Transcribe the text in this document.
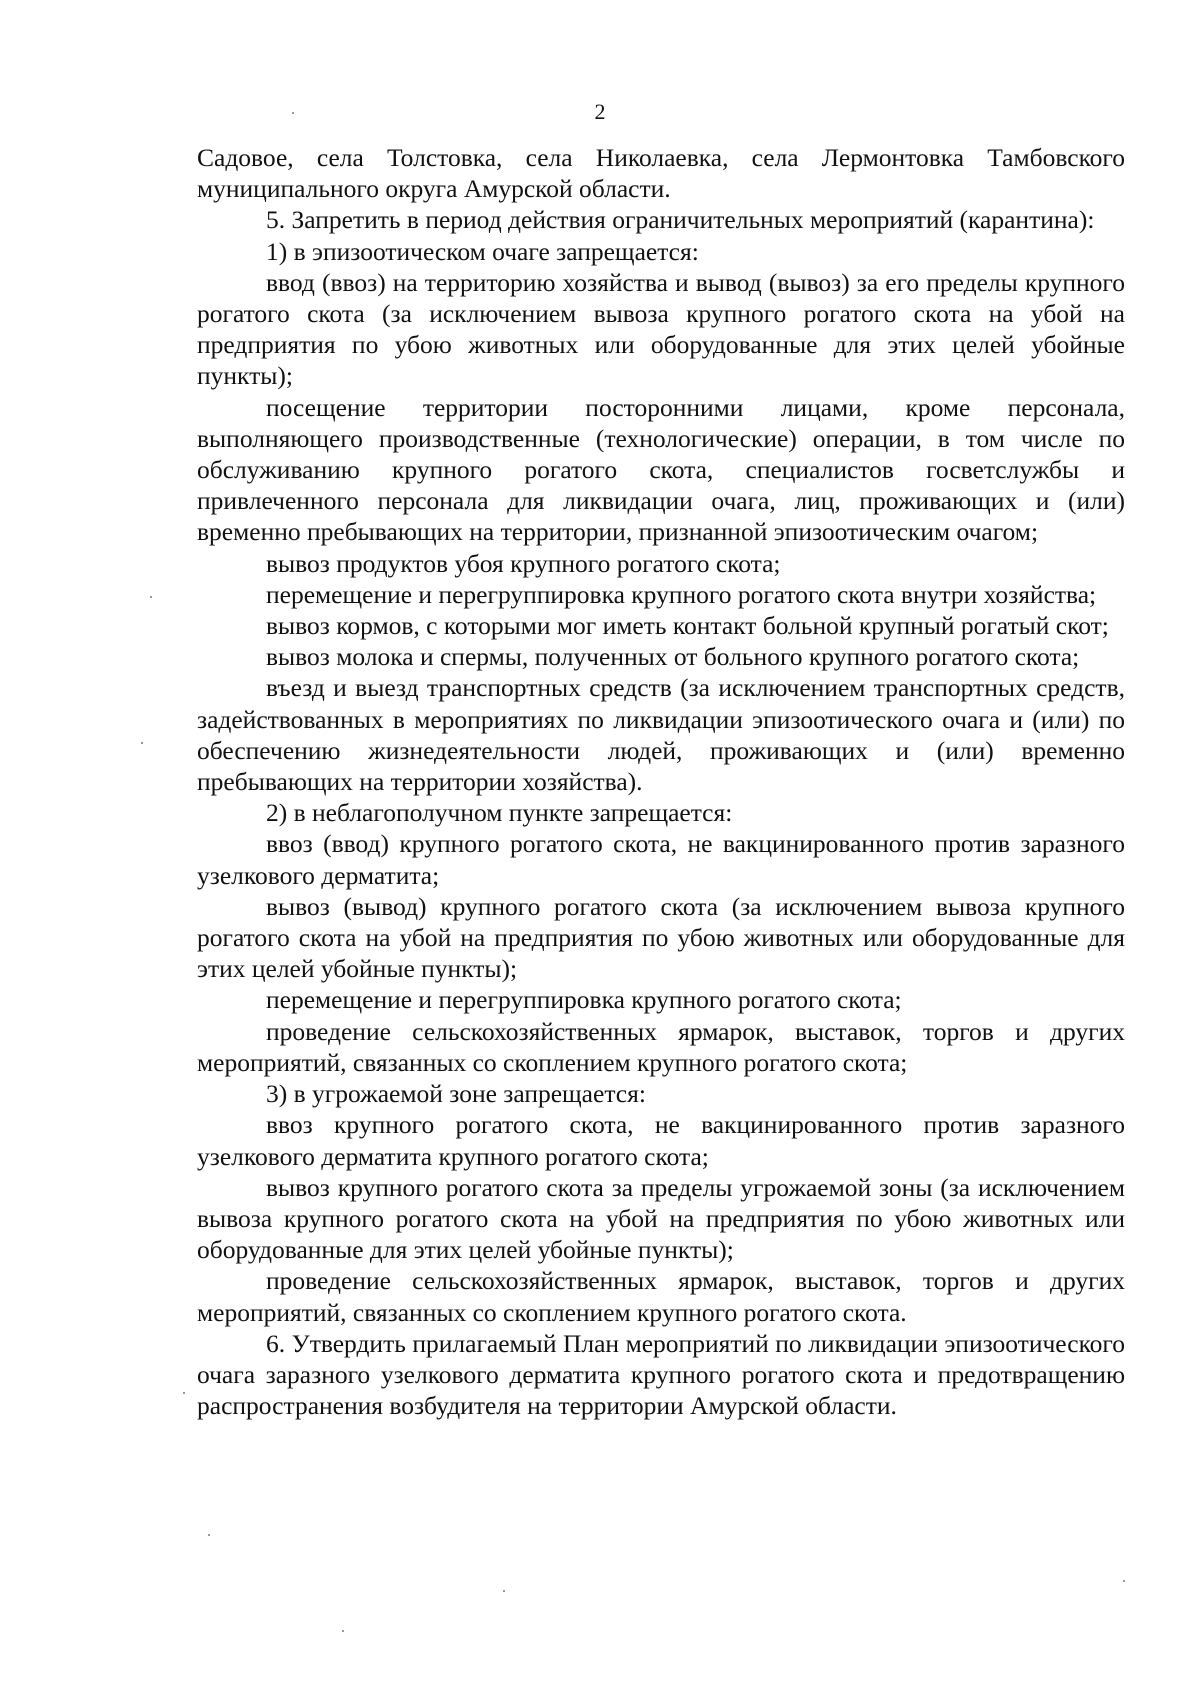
2

Садовое, села Толстовка, села Николаевка, села Лермонтовка Тамбовского муниципального округа Амурской области.

5. Запретить в период действия ограничительных мероприятий (карантина):

1) в эпизоотическом очаге запрещается:

ввод (ввоз) на территорию хозяйства и вывод (вывоз) за его пределы крупного рогатого скота (за исключением вывоза крупного рогатого скота на убой на предприятия по убою животных или оборудованные для этих целей убойные пункты);

посещение территории посторонними лицами, кроме персонала, выполняющего производственные (технологические) операции, в том числе по обслуживанию крупного рогатого скота, специалистов госветслужбы и привлеченного персонала для ликвидации очага, лиц, проживающих и (или) временно пребывающих на территории, признанной эпизоотическим очагом;

вывоз продуктов убоя крупного рогатого скота;

перемещение и перегруппировка крупного рогатого скота внутри хозяйства;

вывоз кормов, с которыми мог иметь контакт больной крупный рогатый скот;

вывоз молока и спермы, полученных от больного крупного рогатого скота;

въезд и выезд транспортных средств (за исключением транспортных средств, задействованных в мероприятиях по ликвидации эпизоотического очага и (или) по обеспечению жизнедеятельности людей, проживающих и (или) временно пребывающих на территории хозяйства).

2) в неблагополучном пункте запрещается:

ввоз (ввод) крупного рогатого скота, не вакцинированного против заразного узелкового дерматита;

вывоз (вывод) крупного рогатого скота (за исключением вывоза крупного рогатого скота на убой на предприятия по убою животных или оборудованные для этих целей убойные пункты);

перемещение и перегруппировка крупного рогатого скота;

проведение сельскохозяйственных ярмарок, выставок, торгов и других мероприятий, связанных со скоплением крупного рогатого скота;

3) в угрожаемой зоне запрещается:

ввоз крупного рогатого скота, не вакцинированного против заразного узелкового дерматита крупного рогатого скота;

вывоз крупного рогатого скота за пределы угрожаемой зоны (за исключением вывоза крупного рогатого скота на убой на предприятия по убою животных или оборудованные для этих целей убойные пункты);

проведение сельскохозяйственных ярмарок, выставок, торгов и других мероприятий, связанных со скоплением крупного рогатого скота.

6. Утвердить прилагаемый План мероприятий по ликвидации эпизоотического очага заразного узелкового дерматита крупного рогатого скота и предотвращению распространения возбудителя на территории Амурской области.
